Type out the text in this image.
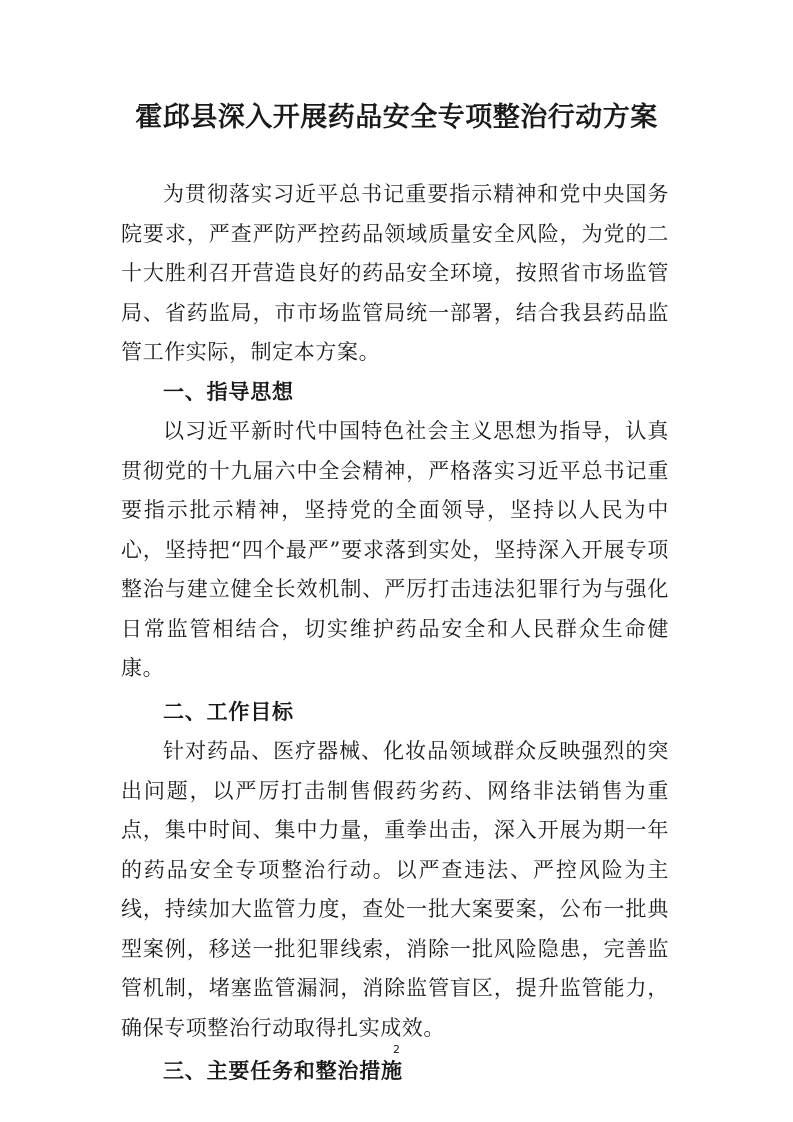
霍邱县深入开展药品安全专项整治行动方案

为贯彻落实习近平总书记重要指示精神和党中央国务院要求，严查严防严控药品领域质量安全风险，为党的二十大胜利召开营造良好的药品安全环境，按照省市场监管局、省药监局，市市场监管局统一部署，结合我县药品监管工作实际，制定本方案。

一、指导思想

以习近平新时代中国特色社会主义思想为指导，认真贯彻党的十九届六中全会精神，严格落实习近平总书记重要指示批示精神，坚持党的全面领导，坚持以人民为中心，坚持把“四个最严”要求落到实处，坚持深入开展专项整治与建立健全长效机制、严厉打击违法犯罪行为与强化日常监管相结合，切实维护药品安全和人民群众生命健康。

二、工作目标

针对药品、医疗器械、化妆品领域群众反映强烈的突出问题，以严厉打击制售假药劣药、网络非法销售为重点，集中时间、集中力量，重拳出击，深入开展为期一年的药品安全专项整治行动。以严查违法、严控风险为主线，持续加大监管力度，查处一批大案要案，公布一批典型案例，移送一批犯罪线索，消除一批风险隐患，完善监管机制，堵塞监管漏洞，消除监管盲区，提升监管能力，确保专项整治行动取得扎实成效。

三、主要任务和整治措施
2
